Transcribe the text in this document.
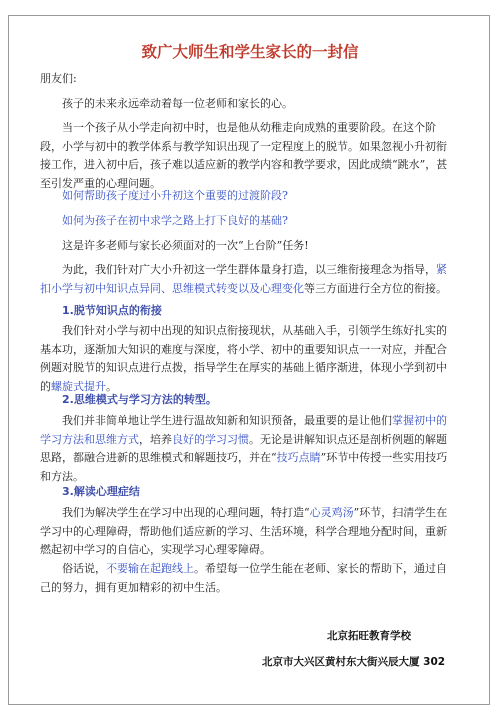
致广大师生和学生家长的一封信

朋友们:

孩子的未来永远牵动着每一位老师和家长的心。

当一个孩子从小学走向初中时，也是他从幼稚走向成熟的重要阶段。在这个阶段，小学与初中的教学体系与教学知识出现了一定程度上的脱节。如果忽视小升初衔接工作，进入初中后，孩子难以适应新的教学内容和教学要求，因此成绩“跳水”，甚至引发严重的心理问题。

如何帮助孩子度过小升初这个重要的过渡阶段?

如何为孩子在初中求学之路上打下良好的基础?

这是许多老师与家长必须面对的一次“上台阶”任务!

为此，我们针对广大小升初这一学生群体量身打造，以三维衔接理念为指导，紧扣小学与初中知识点异同、思维模式转变以及心理变化等三方面进行全方位的衔接。

1.脱节知识点的衔接

我们针对小学与初中出现的知识点衔接现状，从基础入手，引领学生练好扎实的基本功，逐渐加大知识的难度与深度，将小学、初中的重要知识点一一对应，并配合例题对脱节的知识点进行点拨，指导学生在厚实的基础上循序渐进，体现小学到初中的螺旋式提升。

2.思维模式与学习方法的转型。

我们并非简单地让学生进行温故知新和知识预备，最重要的是让他们掌握初中的学习方法和思维方式，培养良好的学习习惯。无论是讲解知识点还是剖析例题的解题思路，都融合进新的思维模式和解题技巧，并在“技巧点睛”环节中传授一些实用技巧和方法。

3.解读心理症结

我们为解决学生在学习中出现的心理问题，特打造“心灵鸡汤”环节，扫清学生在学习中的心理障碍，帮助他们适应新的学习、生活环境，科学合理地分配时间，重新燃起初中学习的自信心，实现学习心理零障碍。

俗话说，不要输在起跑线上。希望每一位学生能在老师、家长的帮助下，通过自己的努力，拥有更加精彩的初中生活。

北京拓旺教育学校

北京市大兴区黄村东大街兴辰大厦 302
